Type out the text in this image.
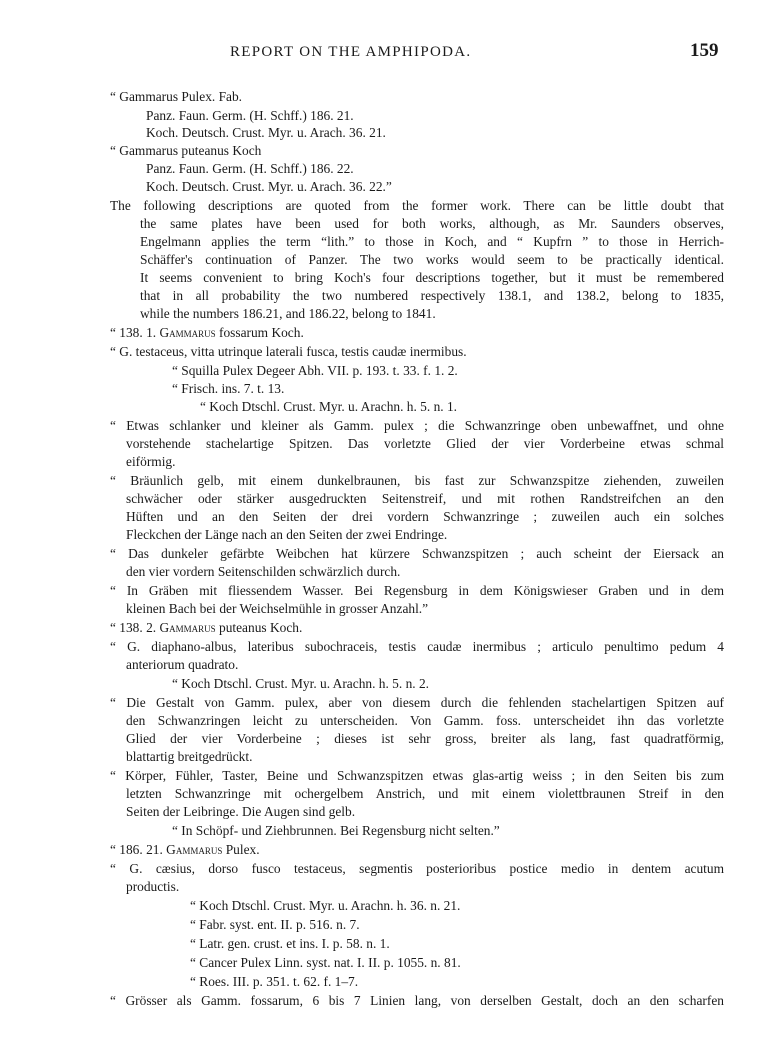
REPORT ON THE AMPHIPODA.	159
“ Gammarus Pulex. Fab.
Panz. Faun. Germ. (H. Schff.) 186. 21.
Koch. Deutsch. Crust. Myr. u. Arach. 36. 21.
“ Gammarus puteanus Koch
Panz. Faun. Germ. (H. Schff.) 186. 22.
Koch. Deutsch. Crust. Myr. u. Arach. 36. 22.”
The following descriptions are quoted from the former work. There can be little doubt that
the same plates have been used for both works, although, as Mr. Saunders observes,
Engelmann applies the term “lith.” to those in Koch, and “ Kupfrn ” to those in Herrich-
Schäffer's continuation of Panzer. The two works would seem to be practically identical.
It seems convenient to bring Koch's four descriptions together, but it must be remembered
that in all probability the two numbered respectively 138.1, and 138.2, belong to 1835,
while the numbers 186.21, and 186.22, belong to 1841.
“ 138. 1. Gammarus fossarum Koch.
“ G. testaceus, vitta utrinque laterali fusca, testis caudæ inermibus.
“ Squilla Pulex Degeer Abh. VII. p. 193. t. 33. f. 1. 2.
“ Frisch. ins. 7. t. 13.
“ Koch Dtschl. Crust. Myr. u. Arachn. h. 5. n. 1.
“ Etwas schlanker und kleiner als Gamm. pulex ; die Schwanzringe oben unbewaffnet, und ohne
vorstehende stachelartige Spitzen. Das vorletzte Glied der vier Vorderbeine etwas schmal
eiförmig.
“ Bräunlich gelb, mit einem dunkelbraunen, bis fast zur Schwanzspitze ziehenden, zuweilen
schwächer oder stärker ausgedruckten Seitenstreif, und mit rothen Randstreifchen an den
Hüften und an den Seiten der drei vordern Schwanzringe ; zuweilen auch ein solches
Fleckchen der Länge nach an den Seiten der zwei Endringe.
“ Das dunkeler gefärbte Weibchen hat kürzere Schwanzspitzen ; auch scheint der Eiersack an
den vier vordern Seitenschilden schwärzlich durch.
“ In Gräben mit fliessendem Wasser. Bei Regensburg in dem Königswieser Graben und in dem
kleinen Bach bei der Weichselmühle in grosser Anzahl.”
“ 138. 2. Gammarus puteanus Koch.
“ G. diaphano-albus, lateribus subochraceis, testis caudæ inermibus ; articulo penultimo pedum 4
anteriorum quadrato.
“ Koch Dtschl. Crust. Myr. u. Arachn. h. 5. n. 2.
“ Die Gestalt von Gamm. pulex, aber von diesem durch die fehlenden stachelartigen Spitzen auf
den Schwanzringen leicht zu unterscheiden. Von Gamm. foss. unterscheidet ihn das vorletzte
Glied der vier Vorderbeine ; dieses ist sehr gross, breiter als lang, fast quadratförmig,
blattartig breitgedrückt.
“ Körper, Fühler, Taster, Beine und Schwanzspitzen etwas glas-artig weiss ; in den Seiten bis zum
letzten Schwanzringe mit ochergelbem Anstrich, und mit einem violettbraunen Streif in den
Seiten der Leibringe. Die Augen sind gelb.
“ In Schöpf- und Ziehbrunnen. Bei Regensburg nicht selten.”
“ 186. 21. Gammarus Pulex.
“ G. cæsius, dorso fusco testaceus, segmentis posterioribus postice medio in dentem acutum
productis.
“ Koch Dtschl. Crust. Myr. u. Arachn. h. 36. n. 21.
“ Fabr. syst. ent. II. p. 516. n. 7.
“ Latr. gen. crust. et ins. I. p. 58. n. 1.
“ Cancer Pulex Linn. syst. nat. I. II. p. 1055. n. 81.
“ Roes. III. p. 351. t. 62. f. 1–7.
“ Grösser als Gamm. fossarum, 6 bis 7 Linien lang, von derselben Gestalt, doch an den scharfen
